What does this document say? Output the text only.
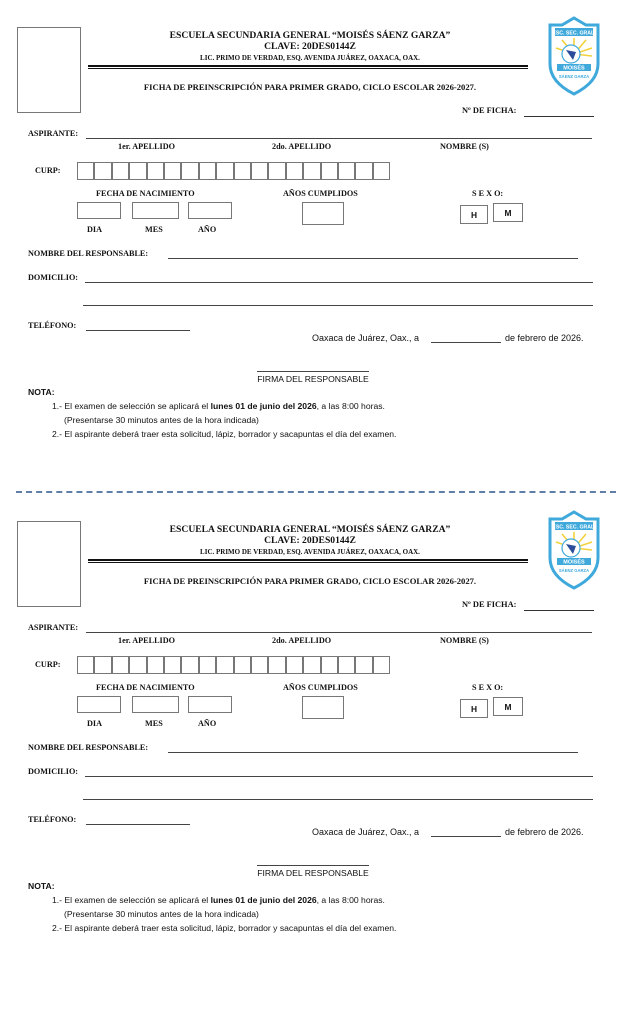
ESCUELA SECUNDARIA GENERAL “MOISÉS SÁENZ GARZA”
CLAVE: 20DES0144Z
LIC. PRIMO DE VERDAD, ESQ. AVENIDA JUÁREZ, OAXACA, OAX.
FICHA DE PREINSCRIPCIÓN PARA PRIMER GRADO, CICLO ESCOLAR 2026-2027.
ESC. SEC. GRAL.
MOISÉS
SÁENZ GARZA
Nº DE FICHA:
ASPIRANTE:
1er. APELLIDO	2do. APELLIDO	NOMBRE (S)
CURP:
FECHA DE NACIMIENTO
DIA	MES	AÑO
AÑOS CUMPLIDOS	S E X O:
H	M
NOMBRE DEL RESPONSABLE:
DOMICILIO:
TELÉFONO:
Oaxaca de Juárez, Oax., a	de febrero de 2026.
FIRMA DEL RESPONSABLE
NOTA:
1.- El examen de selección se aplicará el lunes 01 de junio del 2026, a las 8:00 horas.
(Presentarse 30 minutos antes de la hora indicada)
2.- El aspirante deberá traer esta solicitud, lápiz, borrador y sacapuntas el día del examen.
ESCUELA SECUNDARIA GENERAL “MOISÉS SÁENZ GARZA”
CLAVE: 20DES0144Z
LIC. PRIMO DE VERDAD, ESQ. AVENIDA JUÁREZ, OAXACA, OAX.
FICHA DE PREINSCRIPCIÓN PARA PRIMER GRADO, CICLO ESCOLAR 2026-2027.
ESC. SEC. GRAL.
MOISÉS
SÁENZ GARZA
Nº DE FICHA:
ASPIRANTE:
1er. APELLIDO	2do. APELLIDO	NOMBRE (S)
CURP:
FECHA DE NACIMIENTO
DIA	MES	AÑO
AÑOS CUMPLIDOS	S E X O:
H	M
NOMBRE DEL RESPONSABLE:
DOMICILIO:
TELÉFONO:
Oaxaca de Juárez, Oax., a	de febrero de 2026.
FIRMA DEL RESPONSABLE
NOTA:
1.- El examen de selección se aplicará el lunes 01 de junio del 2026, a las 8:00 horas.
(Presentarse 30 minutos antes de la hora indicada)
2.- El aspirante deberá traer esta solicitud, lápiz, borrador y sacapuntas el día del examen.
